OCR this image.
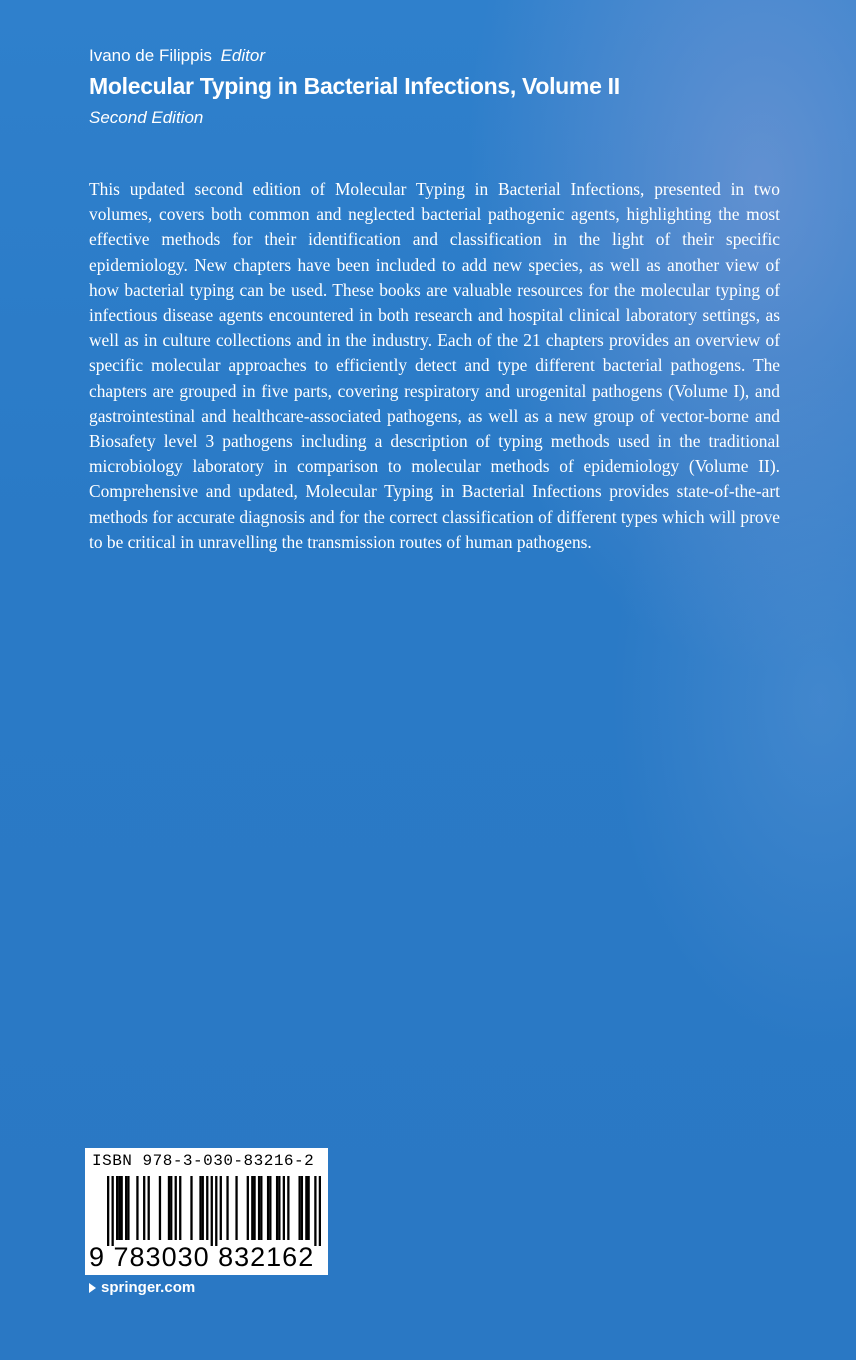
Ivano de Filippis Editor
Molecular Typing in Bacterial Infections, Volume II
Second Edition

This updated second edition of Molecular Typing in Bacterial Infections, presented in two volumes, covers both common and neglected bacterial pathogenic agents, highlighting the most effective methods for their identification and classification in the light of their specific epidemiology. New chapters have been included to add new species, as well as another view of how bacterial typing can be used. These books are valuable resources for the molecular typing of infectious disease agents encountered in both research and hospital clinical laboratory settings, as well as in culture collections and in the industry. Each of the 21 chapters provides an overview of specific molecular approaches to efficiently detect and type different bacterial pathogens. The chapters are grouped in five parts, covering respiratory and urogenital pathogens (Volume I), and gastrointestinal and healthcare-associated pathogens, as well as a new group of vector-borne and Biosafety level 3 pathogens including a description of typing methods used in the traditional microbiology laboratory in comparison to molecular methods of epidemiology (Volume II). Comprehensive and updated, Molecular Typing in Bacterial Infections provides state-of-the-art methods for accurate diagnosis and for the correct classification of different types which will prove to be critical in unravelling the transmission routes of human pathogens.

ISBN 978-3-030-83216-2
9 783030 832162
springer.com
